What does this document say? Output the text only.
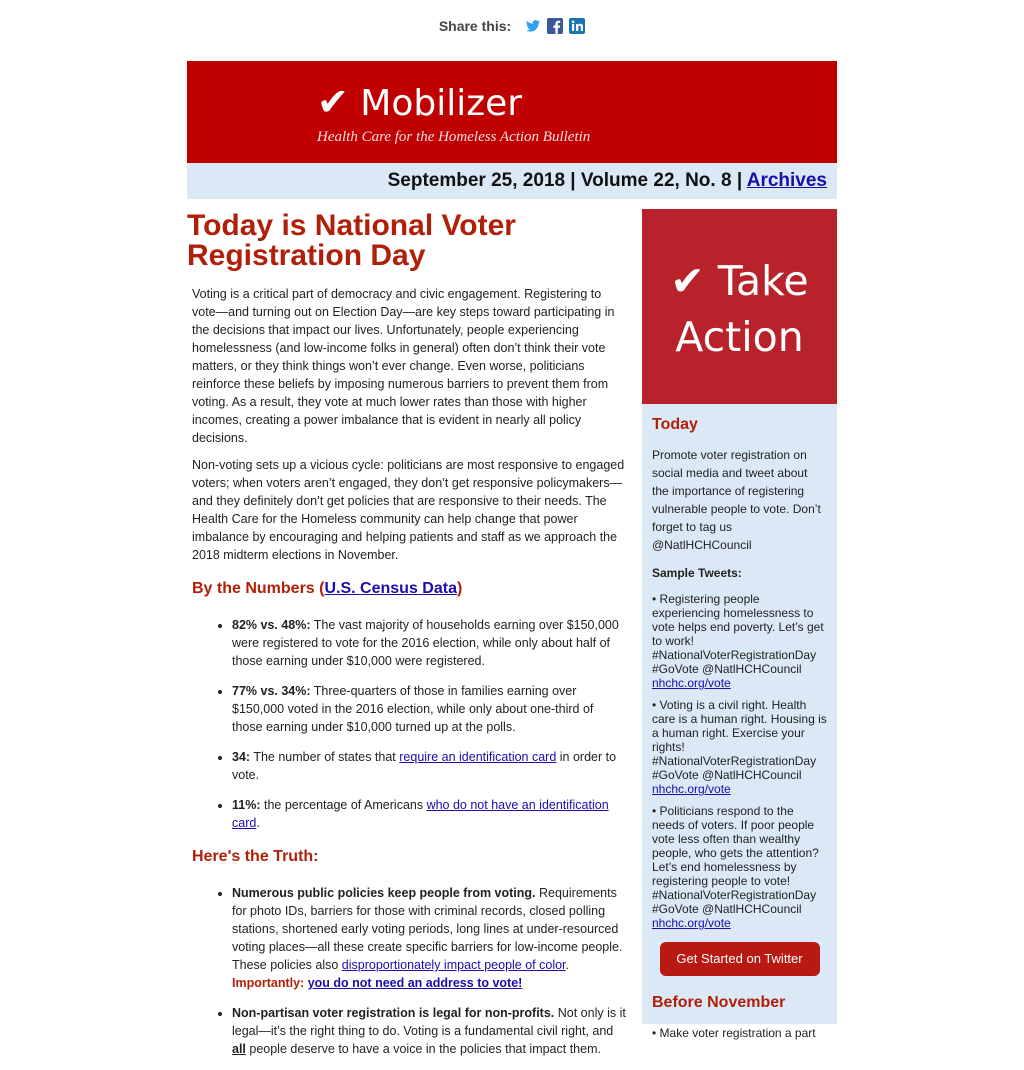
Share this:
✔ Mobilizer
Health Care for the Homeless Action Bulletin
September 25, 2018 | Volume 22, No. 8 | Archives
Today is National Voter Registration Day

Voting is a critical part of democracy and civic engagement. Registering to vote—and turning out on Election Day—are key steps toward participating in the decisions that impact our lives. Unfortunately, people experiencing homelessness (and low-income folks in general) often don’t think their vote matters, or they think things won’t ever change. Even worse, politicians reinforce these beliefs by imposing numerous barriers to prevent them from voting. As a result, they vote at much lower rates than those with higher incomes, creating a power imbalance that is evident in nearly all policy decisions.

Non-voting sets up a vicious cycle: politicians are most responsive to engaged voters; when voters aren’t engaged, they don’t get responsive policymakers—and they definitely don’t get policies that are responsive to their needs. The Health Care for the Homeless community can help change that power imbalance by encouraging and helping patients and staff as we approach the 2018 midterm elections in November.

By the Numbers (U.S. Census Data)
• 82% vs. 48%: The vast majority of households earning over $150,000 were registered to vote for the 2016 election, while only about half of those earning under $10,000 were registered.
• 77% vs. 34%: Three-quarters of those in families earning over $150,000 voted in the 2016 election, while only about one-third of those earning under $10,000 turned up at the polls.
• 34: The number of states that require an identification card in order to vote.
• 11%: the percentage of Americans who do not have an identification card.
Here's the Truth:
• Numerous public policies keep people from voting. Requirements for photo IDs, barriers for those with criminal records, closed polling stations, shortened early voting periods, long lines at under-resourced voting places—all these create specific barriers for low-income people. These policies also disproportionately impact people of color. Importantly: you do not need an address to vote!
• Non-partisan voter registration is legal for non-profits. Not only is it legal—it’s the right thing to do. Voting is a fundamental civil right, and all people deserve to have a voice in the policies that impact them.
✔ Take
Action
Today

Promote voter registration on social media and tweet about the importance of registering vulnerable people to vote. Don’t forget to tag us @NatlHCHCouncil

Sample Tweets:

• Registering people experiencing homelessness to vote helps end poverty. Let’s get to work! #NationalVoterRegistrationDay #GoVote @NatlHCHCouncil
nhchc.org/vote

• Voting is a civil right. Health care is a human right. Housing is a human right. Exercise your rights! #NationalVoterRegistrationDay #GoVote @NatlHCHCouncil
nhchc.org/vote

• Politicians respond to the needs of voters. If poor people vote less often than wealthy people, who gets the attention? Let’s end homelessness by registering people to vote! #NationalVoterRegistrationDay #GoVote @NatlHCHCouncil
nhchc.org/vote

Get Started on Twitter
Before November

• Make voter registration a part
